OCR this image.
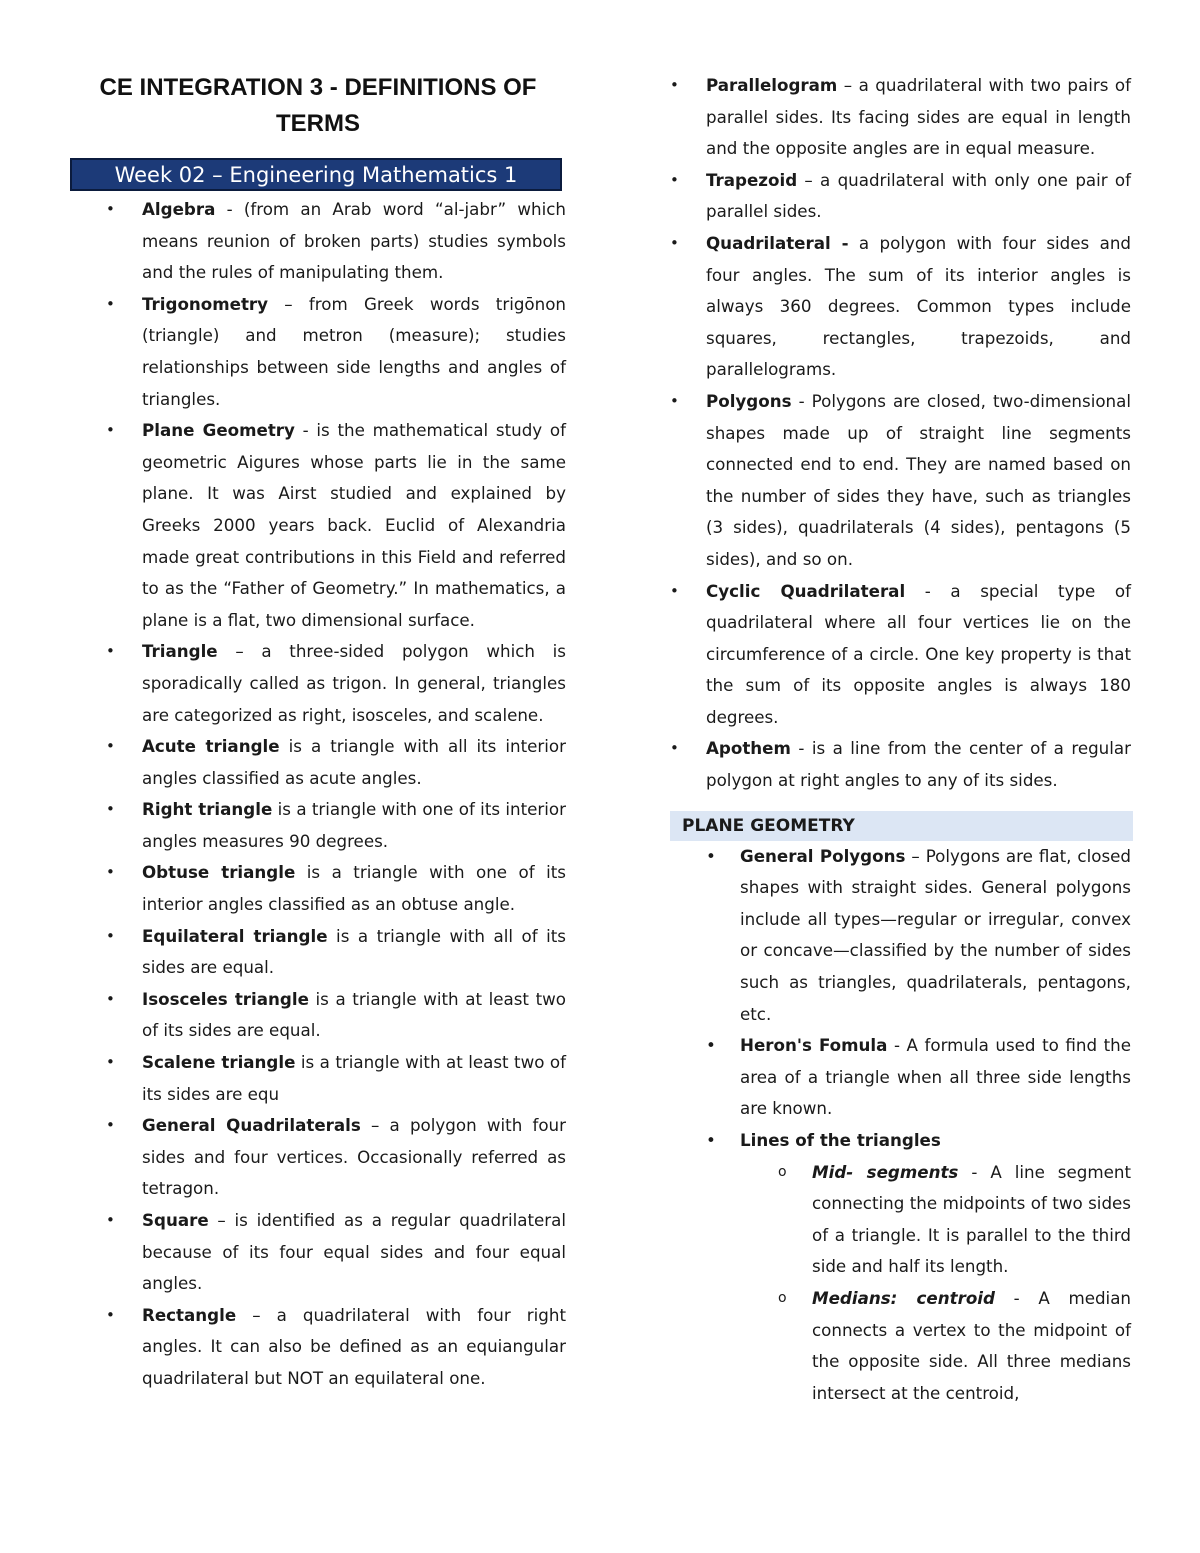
CE INTEGRATION 3 - DEFINITIONS OF TERMS
Week 02 – Engineering Mathematics 1
• Algebra - (from an Arab word “al-jabr” which means reunion of broken parts) studies symbols and the rules of manipulating them.
• Trigonometry – from Greek words trigōnon (triangle) and metron (measure); studies relationships between side lengths and angles of triangles.
• Plane Geometry - is the mathematical study of geometric Aigures whose parts lie in the same plane. It was Airst studied and explained by Greeks 2000 years back. Euclid of Alexandria made great contributions in this Field and referred to as the “Father of Geometry.” In mathematics, a plane is a flat, two dimensional surface.
• Triangle – a three-sided polygon which is sporadically called as trigon. In general, triangles are categorized as right, isosceles, and scalene.
• Acute triangle is a triangle with all its interior angles classified as acute angles.
• Right triangle is a triangle with one of its interior angles measures 90 degrees.
• Obtuse triangle is a triangle with one of its interior angles classified as an obtuse angle.
• Equilateral triangle is a triangle with all of its sides are equal.
• Isosceles triangle is a triangle with at least two of its sides are equal.
• Scalene triangle is a triangle with at least two of its sides are equ
• General Quadrilaterals – a polygon with four sides and four vertices. Occasionally referred as tetragon.
• Square – is identified as a regular quadrilateral because of its four equal sides and four equal angles.
• Rectangle – a quadrilateral with four right angles. It can also be defined as an equiangular quadrilateral but NOT an equilateral one.
• Parallelogram – a quadrilateral with two pairs of parallel sides. Its facing sides are equal in length and the opposite angles are in equal measure.
• Trapezoid – a quadrilateral with only one pair of parallel sides.
• Quadrilateral - a polygon with four sides and four angles. The sum of its interior angles is always 360 degrees. Common types include squares, rectangles, trapezoids, and parallelograms.
• Polygons - Polygons are closed, two-dimensional shapes made up of straight line segments connected end to end. They are named based on the number of sides they have, such as triangles (3 sides), quadrilaterals (4 sides), pentagons (5 sides), and so on.
• Cyclic Quadrilateral - a special type of quadrilateral where all four vertices lie on the circumference of a circle. One key property is that the sum of its opposite angles is always 180 degrees.
• Apothem - is a line from the center of a regular polygon at right angles to any of its sides.
PLANE GEOMETRY
• General Polygons – Polygons are flat, closed shapes with straight sides. General polygons include all types—regular or irregular, convex or concave—classified by the number of sides such as triangles, quadrilaterals, pentagons, etc.
• Heron's Fomula - A formula used to find the area of a triangle when all three side lengths are known.
• Lines of the triangles
o Mid- segments - A line segment connecting the midpoints of two sides of a triangle. It is parallel to the third side and half its length.
o Medians: centroid - A median connects a vertex to the midpoint of the opposite side. All three medians intersect at the centroid,
